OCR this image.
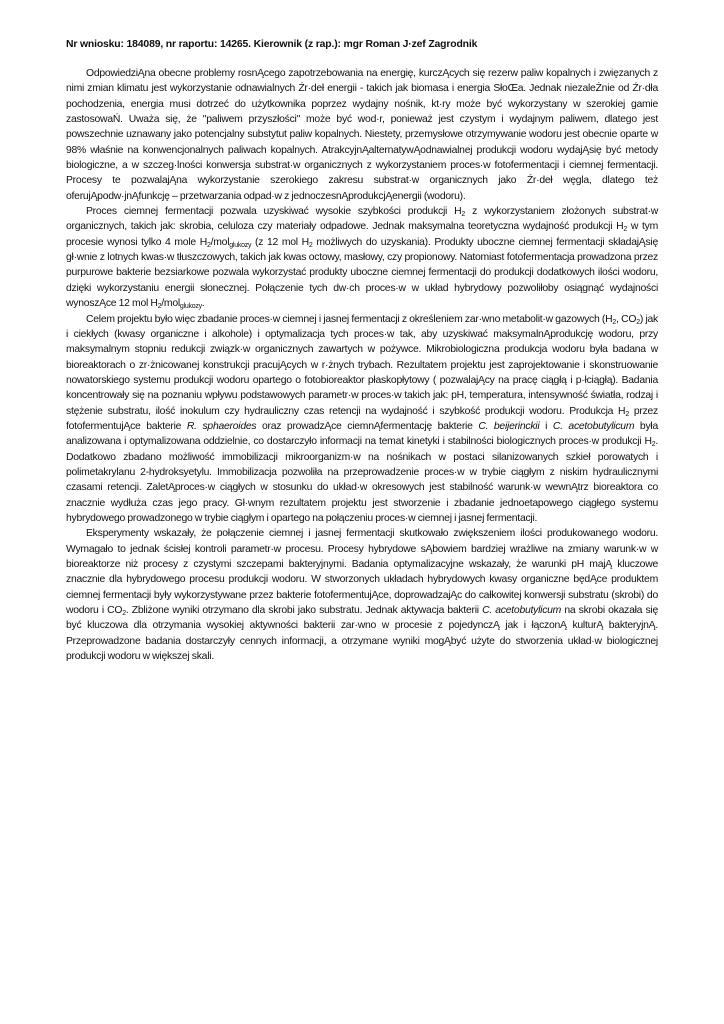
Nr wniosku: 184089, nr raportu: 14265. Kierownik (z rap.): mgr Roman J·zef Zagrodnik

OdpowiedziĄna obecne problemy rosnĄcego zapotrzebowania na energię, kurczĄcych się rezerw paliw kopalnych i zwięzanych z nimi zmian klimatu jest wykorzystanie odnawialnych Źr·deł energii - takich jak biomasa i energia SłoŒa. Jednak niezaleŻnie od Źr·dła pochodzenia, energia musi dotrzeć do użytkownika poprzez wydajny nośnik, kt·ry może być wykorzystany w szerokiej gamie zastosowaŃ. Uważa się, że "paliwem przyszłości" może być wod·r, ponieważ jest czystym i wydajnym paliwem, dlatego jest powszechnie uznawany jako potencjalny substytut paliw kopalnych. Niestety, przemysłowe otrzymywanie wodoru jest obecnie oparte w 98% właśnie na konwencjonalnych paliwach kopalnych. AtrakcyjnĄalternatywĄodnawialnej produkcji wodoru wydajĄsię być metody biologiczne, a w szczeg·lności konwersja substrat·w organicznych z wykorzystaniem proces·w fotofermentacji i ciemnej fermentacji. Procesy te pozwalajĄna wykorzystanie szerokiego zakresu substrat·w organicznych jako Źr·deł węgla, dlatego też oferujĄpodw·jnĄfunkcję – przetwarzania odpad·w z jednoczesnĄprodukcjĄenergii (wodoru).

Proces ciemnej fermentacji pozwala uzyskiwać wysokie szybkości produkcji $H_2$ z wykorzystaniem złożonych substrat·w organicznych, takich jak: skrobia, celuloza czy materiały odpadowe. Jednak maksymalna teoretyczna wydajność produkcji $H_2$ w tym procesie wynosi tylko 4 mole $H_2/mol_{glukozy}$ (z 12 mol $H_2$ możliwych do uzyskania). Produkty uboczne ciemnej fermentacji składajĄsię gł·wnie z lotnych kwas·w tłuszczowych, takich jak kwas octowy, masłowy, czy propionowy. Natomiast fotofermentacja prowadzona przez purpurowe bakterie bezsiarkowe pozwala wykorzystać produkty uboczne ciemnej fermentacji do produkcji dodatkowych ilości wodoru, dzięki wykorzystaniu energii słonecznej. Połączenie tych dw·ch proces·w w układ hybrydowy pozwoliłoby osiągnąć wydajności wynoszĄce 12 mol $H_2/mol_{glukozy}$.

Celem projektu było więc zbadanie proces·w ciemnej i jasnej fermentacji z określeniem zar·wno metabolit·w gazowych ($H_2$, $CO_2$) jak i ciekłych (kwasy organiczne i alkohole) i optymalizacja tych proces·w tak, aby uzyskiwać maksymalnĄprodukcję wodoru, przy maksymalnym stopniu redukcji związk·w organicznych zawartych w pożywce. Mikrobiologiczna produkcja wodoru była badana w bioreaktorach o zr·żnicowanej konstrukcji pracujĄcych w r·żnych trybach. Rezultatem projektu jest zaprojektowanie i skonstruowanie nowatorskiego systemu produkcji wodoru opartego o fotobioreaktor płaskopłytowy ( pozwalajĄcy na pracę ciągłą i p·łciągłą). Badania koncentrowały się na poznaniu wpływu podstawowych parametr·w proces·w takich jak: pH, temperatura, intensywność światła, rodzaj i stężenie substratu, ilość inokulum czy hydrauliczny czas retencji na wydajność i szybkość produkcji wodoru. Produkcja $H_2$ przez fotofermentujĄce bakterie R. sphaeroides oraz prowadzĄce ciemnĄfermentację bakterie C. beijerinckii i C. acetobutylicum była analizowana i optymalizowana oddzielnie, co dostarczyło informacji na temat kinetyki i stabilności biologicznych proces·w produkcji $H_2$. Dodatkowo zbadano możliwość immobilizacji mikroorganizm·w na nośnikach w postaci silanizowanych szkieł porowatych i polimetakrylanu 2-hydroksyetylu. Immobilizacja pozwoliła na przeprowadzenie proces·w w trybie ciągłym z niskim hydraulicznymi czasami retencji. ZaletĄproces·w ciągłych w stosunku do układ·w okresowych jest stabilność warunk·w wewnĄtrz bioreaktora co znacznie wydłuża czas jego pracy. Gł·wnym rezultatem projektu jest stworzenie i zbadanie jednoetapowego ciągłego systemu hybrydowego prowadzonego w trybie ciągłym i opartego na połączeniu proces·w ciemnej i jasnej fermentacji.

Eksperymenty wskazały, że połączenie ciemnej i jasnej fermentacji skutkowało zwiększeniem ilości produkowanego wodoru. Wymagało to jednak ścisłej kontroli parametr·w procesu. Procesy hybrydowe sĄbowiem bardziej wrażliwe na zmiany warunk·w w bioreaktorze niż procesy z czystymi szczepami bakteryjnymi. Badania optymalizacyjne wskazały, że warunki pH majĄ kluczowe znacznie dla hybrydowego procesu produkcji wodoru. W stworzonych układach hybrydowych kwasy organiczne będĄce produktem ciemnej fermentacji były wykorzystywane przez bakterie fotofermentujĄce, doprowadzajĄc do całkowitej konwersji substratu (skrobi) do wodoru i $CO_2$. Zbliżone wyniki otrzymano dla skrobi jako substratu. Jednak aktywacja bakterii C. acetobutylicum na skrobi okazała się być kluczowa dla otrzymania wysokiej aktywności bakterii zar·wno w procesie z pojedynczĄ jak i łączonĄ kulturĄ bakteryjnĄ. Przeprowadzone badania dostarczyły cennych informacji, a otrzymane wyniki mogĄbyć użyte do stworzenia układ·w biologicznej produkcji wodoru w większej skali.
